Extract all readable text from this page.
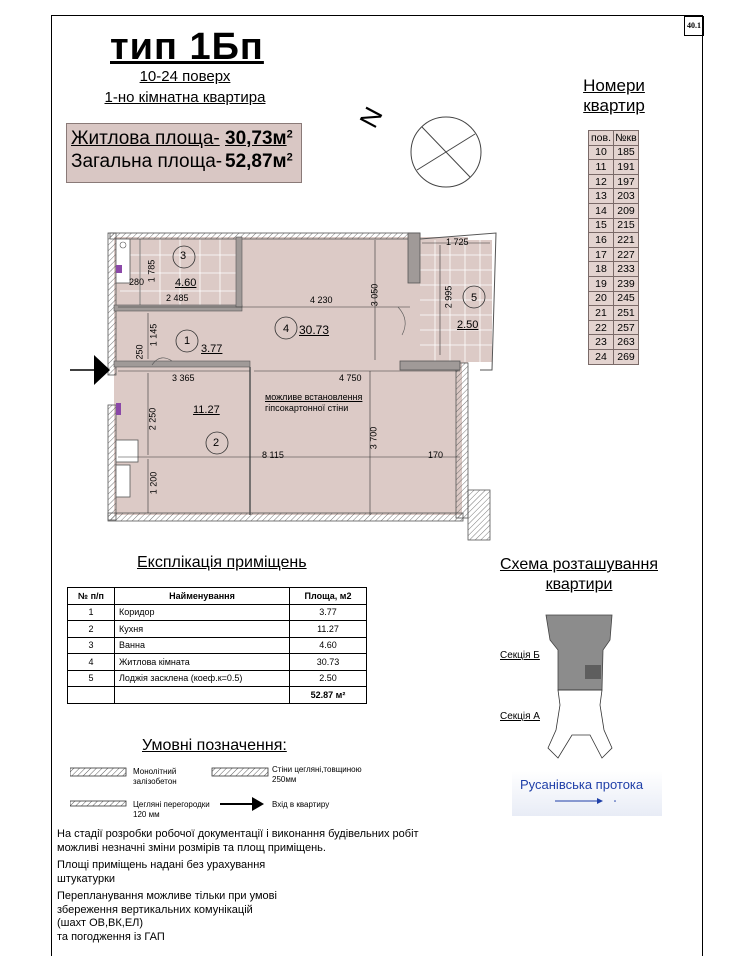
40.1
тип 1Бп
10-24 поверх
1-но кімнатна квартира
Житлова площа- $30,73м^2$
Загальна площа- $52,87м^2$
N
Номери
квартир
пов.	№кв
10	185
11	191
12	197
13	203
14	209
15	215
16	221
17	227
18	233
19	239
20	245
21	251
22	257
23	263
24	269
3
4.60
4 30.73
1
3.77
11.27
2
5
2.50
4 230	3 050
1 725
2 995
1 785
280
2 485
1 145
250
3 365	4 750
2 250
3 700
8 115	170
1 200
можливе встановлення
гіпсокартонної стіни
Експлікація приміщень
№ п/п	Найменування	Площа, м2
1	Коридор	3.77
2	Кухня	11.27
3	Ванна	4.60
4	Житлова кімната	30.73
5	Лоджія засклена (коеф.к=0.5)	2.50
		52.87 м²
Умовні позначення:
Монолітний
залізобетон
Стіни цеглянi,товщиною
250мм
Цеглянi перегородки
120 мм
Вхiд в квартиру
Схема розташування
квартири
Секція Б
Секція А
Русанівська протока
На стадії розробки робочої документації і виконання будівельних робіт
можливі незначні зміни розмірів та площ приміщень.
Площі приміщень надані без урахування
штукатурки
Перепланування можливе тільки при умові
збереження вертикальних комунікацій
(шахт ОВ,ВК,ЕЛ)
та погодження із ГАП
